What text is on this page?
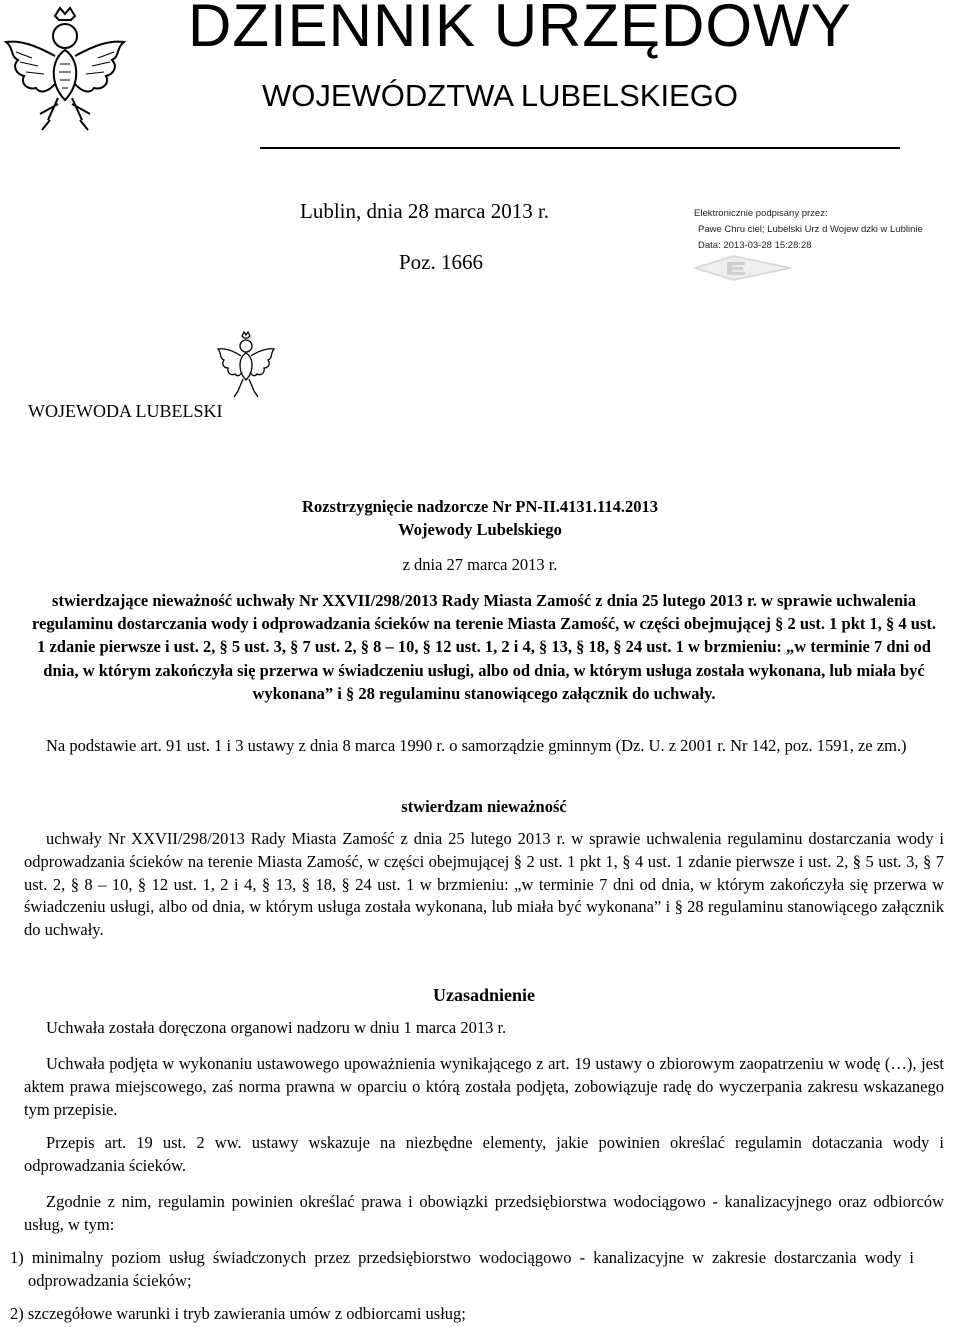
DZIENNIK URZĘDOWY
WOJEWÓDZTWA LUBELSKIEGO
Lublin, dnia 28 marca 2013 r.
Poz. 1666
Elektronicznie podpisany przez:
Pawe Chru ciel; Lubelski Urz d Wojew dzki w Lublinie
Data: 2013-03-28 15:28:28
WOJEWODA LUBELSKI
Rozstrzygnięcie nadzorcze Nr PN-II.4131.114.2013
Wojewody Lubelskiego
z dnia 27 marca 2013 r.
stwierdzające nieważność uchwały Nr XXVII/298/2013 Rady Miasta Zamość z dnia 25 lutego 2013 r. w sprawie uchwalenia regulaminu dostarczania wody i odprowadzania ścieków na terenie Miasta Zamość, w części obejmującej § 2 ust. 1 pkt 1, § 4 ust. 1 zdanie pierwsze i ust. 2, § 5 ust. 3, § 7 ust. 2, § 8 – 10, § 12 ust. 1, 2 i 4, § 13, § 18, § 24 ust. 1 w brzmieniu: „w terminie 7 dni od dnia, w którym zakończyła się przerwa w świadczeniu usługi, albo od dnia, w którym usługa została wykonana, lub miała być wykonana” i § 28 regulaminu stanowiącego załącznik do uchwały.
Na podstawie art. 91 ust. 1 i 3 ustawy z dnia 8 marca 1990 r. o samorządzie gminnym (Dz. U. z 2001 r. Nr 142, poz. 1591, ze zm.)
stwierdzam nieważność
uchwały Nr XXVII/298/2013 Rady Miasta Zamość z dnia 25 lutego 2013 r. w sprawie uchwalenia regulaminu dostarczania wody i odprowadzania ścieków na terenie Miasta Zamość, w części obejmującej § 2 ust. 1 pkt 1, § 4 ust. 1 zdanie pierwsze i ust. 2, § 5 ust. 3, § 7 ust. 2, § 8 – 10, § 12 ust. 1, 2 i 4, § 13, § 18, § 24 ust. 1 w brzmieniu: „w terminie 7 dni od dnia, w którym zakończyła się przerwa w świadczeniu usługi, albo od dnia, w którym usługa została wykonana, lub miała być wykonana” i § 28 regulaminu stanowiącego załącznik do uchwały.
Uzasadnienie
Uchwała została doręczona organowi nadzoru w dniu 1 marca 2013 r.
Uchwała podjęta w wykonaniu ustawowego upoważnienia wynikającego z art. 19 ustawy o zbiorowym zaopatrzeniu w wodę (…), jest aktem prawa miejscowego, zaś norma prawna w oparciu o którą została podjęta, zobowiązuje radę do wyczerpania zakresu wskazanego tym przepisie.
Przepis art. 19 ust. 2 ww. ustawy wskazuje na niezbędne elementy, jakie powinien określać regulamin dotaczania wody i odprowadzania ścieków.
Zgodnie z nim, regulamin powinien określać prawa i obowiązki przedsiębiorstwa wodociągowo - kanalizacyjnego oraz odbiorców usług, w tym:
1) minimalny poziom usług świadczonych przez przedsiębiorstwo wodociągowo - kanalizacyjne w zakresie dostarczania wody i odprowadzania ścieków;
2) szczegółowe warunki i tryb zawierania umów z odbiorcami usług;
